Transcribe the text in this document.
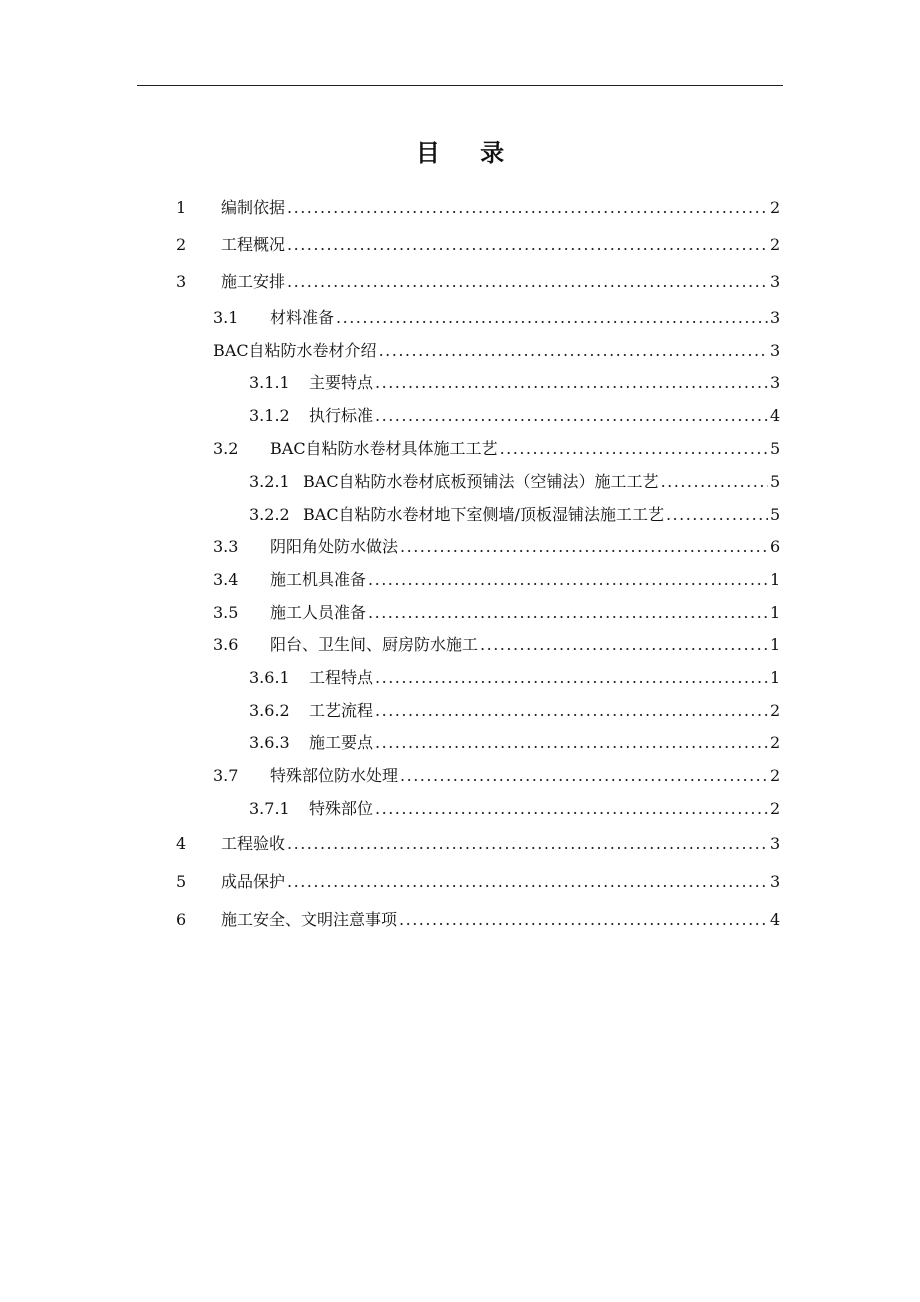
目 录
1	编制依据 .....	2
2	工程概况 .....	2
3	施工安排 .....	3
3.1	材料准备 .....	3
BAC自粘防水卷材介绍 .....	3
3.1.1	主要特点 .....	3
3.1.2	执行标准 .....	4
3.2	BAC自粘防水卷材具体施工工艺 .....	5
3.2.1 BAC自粘防水卷材底板预铺法（空铺法）施工工艺 .....	5
3.2.2 BAC自粘防水卷材地下室侧墙/顶板湿铺法施工工艺 .....	5
3.3	阴阳角处防水做法 .....	6
3.4	施工机具准备 .....	1
3.5	施工人员准备 .....	1
3.6	阳台、卫生间、厨房防水施工 .....	1
3.6.1	工程特点 .....	1
3.6.2	工艺流程 .....	2
3.6.3	施工要点 .....	2
3.7	特殊部位防水处理 .....	2
3.7.1	特殊部位 .....	2
4	工程验收 .....	3
5	成品保护 .....	3
6	施工安全、文明注意事项 .....	4
